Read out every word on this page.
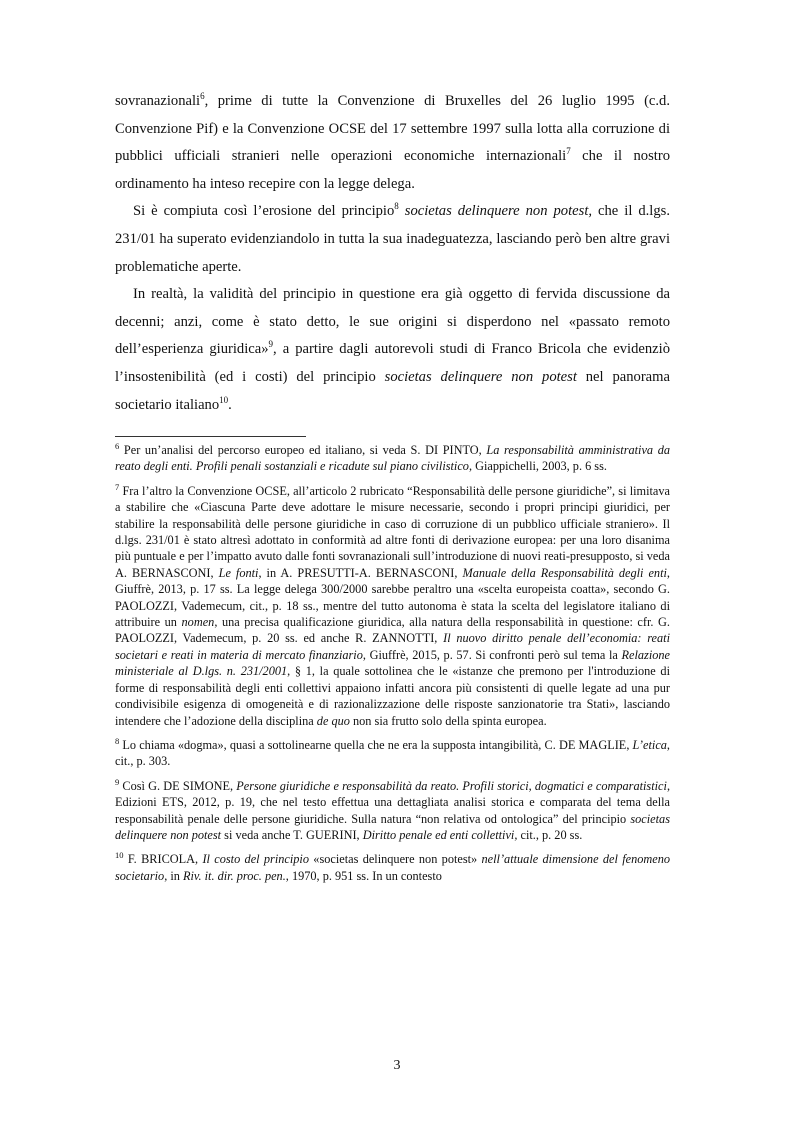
sovranazionali$^6$, prime di tutte la Convenzione di Bruxelles del 26 luglio 1995 (c.d. Convenzione Pif) e la Convenzione OCSE del 17 settembre 1997 sulla lotta alla corruzione di pubblici ufficiali stranieri nelle operazioni economiche internazionali$^7$ che il nostro ordinamento ha inteso recepire con la legge delega.

Si è compiuta così l’erosione del principio$^8$ societas delinquere non potest, che il d.lgs. 231/01 ha superato evidenziandolo in tutta la sua inadeguatezza, lasciando però ben altre gravi problematiche aperte.

In realtà, la validità del principio in questione era già oggetto di fervida discussione da decenni; anzi, come è stato detto, le sue origini si disperdono nel «passato remoto dell’esperienza giuridica»$^9$, a partire dagli autorevoli studi di Franco Bricola che evidenziò l’insostenibilità (ed i costi) del principio societas delinquere non potest nel panorama societario italiano$^{10}$.

$^6$ Per un’analisi del percorso europeo ed italiano, si veda S. DI PINTO, La responsabilità amministrativa da reato degli enti. Profili penali sostanziali e ricadute sul piano civilistico, Giappichelli, 2003, p. 6 ss.

$^7$ Fra l’altro la Convenzione OCSE, all’articolo 2 rubricato “Responsabilità delle persone giuridiche”, si limitava a stabilire che «Ciascuna Parte deve adottare le misure necessarie, secondo i propri principi giuridici, per stabilire la responsabilità delle persone giuridiche in caso di corruzione di un pubblico ufficiale straniero». Il d.lgs. 231/01 è stato altresì adottato in conformità ad altre fonti di derivazione europea: per una loro disanima più puntuale e per l’impatto avuto dalle fonti sovranazionali sull’introduzione di nuovi reati-presupposto, si veda A. BERNASCONI, Le fonti, in A. PRESUTTI-A. BERNASCONI, Manuale della Responsabilità degli enti, Giuffrè, 2013, p. 17 ss. La legge delega 300/2000 sarebbe peraltro una «scelta europeista coatta», secondo G. PAOLOZZI, Vademecum, cit., p. 18 ss., mentre del tutto autonoma è stata la scelta del legislatore italiano di attribuire un nomen, una precisa qualificazione giuridica, alla natura della responsabilità in questione: cfr. G. PAOLOZZI, Vademecum, p. 20 ss. ed anche R. ZANNOTTI, Il nuovo diritto penale dell’economia: reati societari e reati in materia di mercato finanziario, Giuffrè, 2015, p. 57. Si confronti però sul tema la Relazione ministeriale al D.lgs. n. 231/2001, § 1, la quale sottolinea che le «istanze che premono per l'introduzione di forme di responsabilità degli enti collettivi appaiono infatti ancora più consistenti di quelle legate ad una pur condivisibile esigenza di omogeneità e di razionalizzazione delle risposte sanzionatorie tra Stati», lasciando intendere che l’adozione della disciplina de quo non sia frutto solo della spinta europea.

$^8$ Lo chiama «dogma», quasi a sottolinearne quella che ne era la supposta intangibilità, C. DE MAGLIE, L’etica, cit., p. 303.

$^9$ Così G. DE SIMONE, Persone giuridiche e responsabilità da reato. Profili storici, dogmatici e comparatistici, Edizioni ETS, 2012, p. 19, che nel testo effettua una dettagliata analisi storica e comparata del tema della responsabilità penale delle persone giuridiche. Sulla natura “non relativa od ontologica” del principio societas delinquere non potest si veda anche T. GUERINI, Diritto penale ed enti collettivi, cit., p. 20 ss.

$^{10}$ F. BRICOLA, Il costo del principio «societas delinquere non potest» nell’attuale dimensione del fenomeno societario, in Riv. it. dir. proc. pen., 1970, p. 951 ss. In un contesto

3
